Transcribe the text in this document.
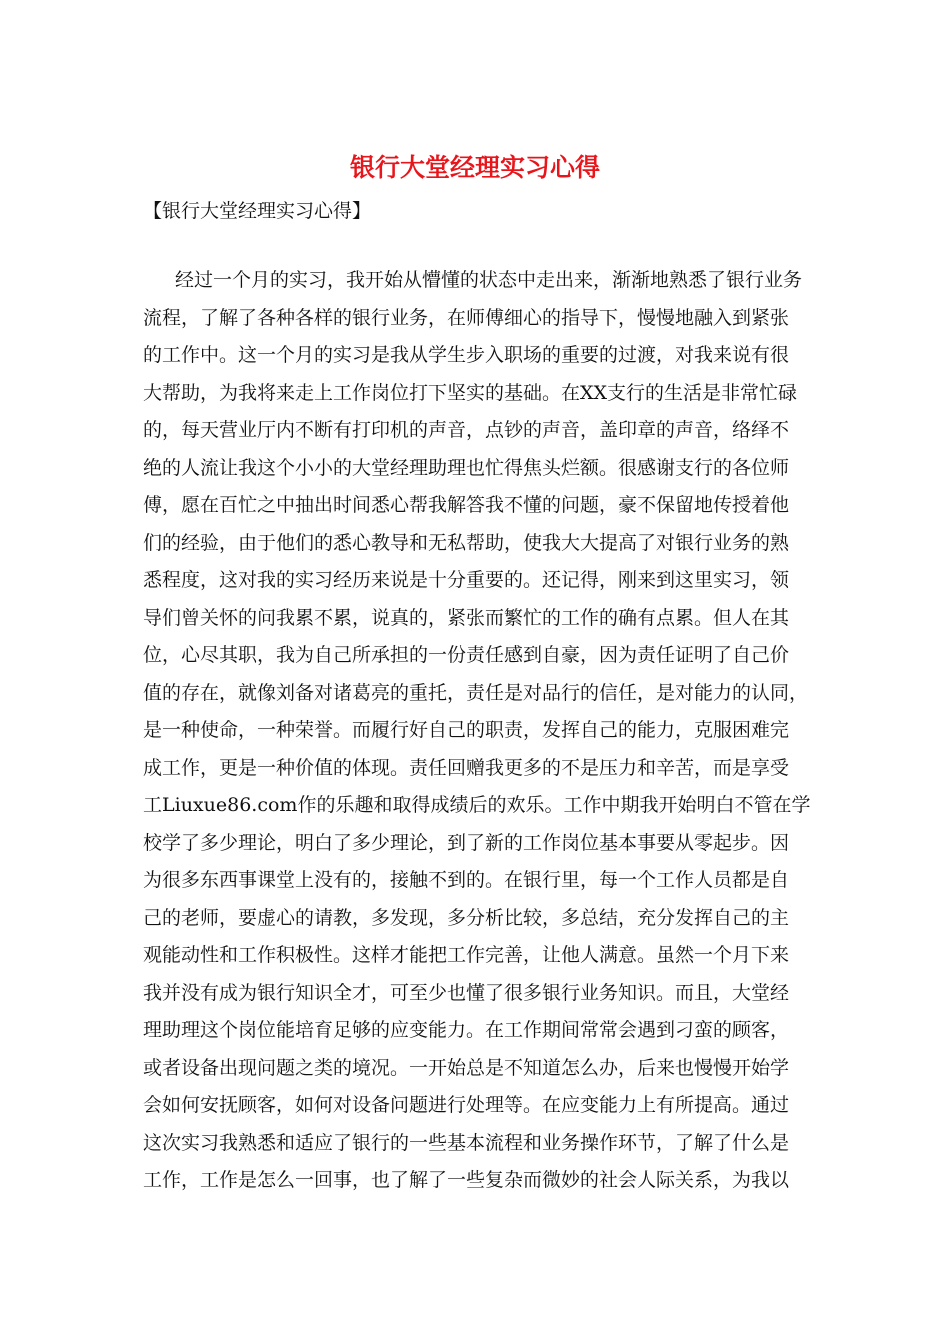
银行大堂经理实习心得
【银行大堂经理实习心得】
经过一个月的实习，我开始从懵懂的状态中走出来，渐渐地熟悉了银行业务
流程，了解了各种各样的银行业务，在师傅细心的指导下，慢慢地融入到紧张
的工作中。这一个月的实习是我从学生步入职场的重要的过渡，对我来说有很
大帮助，为我将来走上工作岗位打下坚实的基础。在XX支行的生活是非常忙碌
的，每天营业厅内不断有打印机的声音，点钞的声音，盖印章的声音，络绎不
绝的人流让我这个小小的大堂经理助理也忙得焦头烂额。很感谢支行的各位师
傅，愿在百忙之中抽出时间悉心帮我解答我不懂的问题，豪不保留地传授着他
们的经验，由于他们的悉心教导和无私帮助，使我大大提高了对银行业务的熟
悉程度，这对我的实习经历来说是十分重要的。还记得，刚来到这里实习，领
导们曾关怀的问我累不累，说真的，紧张而繁忙的工作的确有点累。但人在其
位，心尽其职，我为自己所承担的一份责任感到自豪，因为责任证明了自己价
值的存在，就像刘备对诸葛亮的重托，责任是对品行的信任，是对能力的认同，
是一种使命，一种荣誉。而履行好自己的职责，发挥自己的能力，克服困难完
成工作，更是一种价值的体现。责任回赠我更多的不是压力和辛苦，而是享受
工Liuxue86.com作的乐趣和取得成绩后的欢乐。工作中期我开始明白不管在学
校学了多少理论，明白了多少理论，到了新的工作岗位基本事要从零起步。因
为很多东西事课堂上没有的，接触不到的。在银行里，每一个工作人员都是自
己的老师，要虚心的请教，多发现，多分析比较，多总结，充分发挥自己的主
观能动性和工作积极性。这样才能把工作完善，让他人满意。虽然一个月下来
我并没有成为银行知识全才，可至少也懂了很多银行业务知识。而且，大堂经
理助理这个岗位能培育足够的应变能力。在工作期间常常会遇到刁蛮的顾客，
或者设备出现问题之类的境况。一开始总是不知道怎么办，后来也慢慢开始学
会如何安抚顾客，如何对设备问题进行处理等。在应变能力上有所提高。通过
这次实习我熟悉和适应了银行的一些基本流程和业务操作环节，了解了什么是
工作，工作是怎么一回事，也了解了一些复杂而微妙的社会人际关系，为我以
